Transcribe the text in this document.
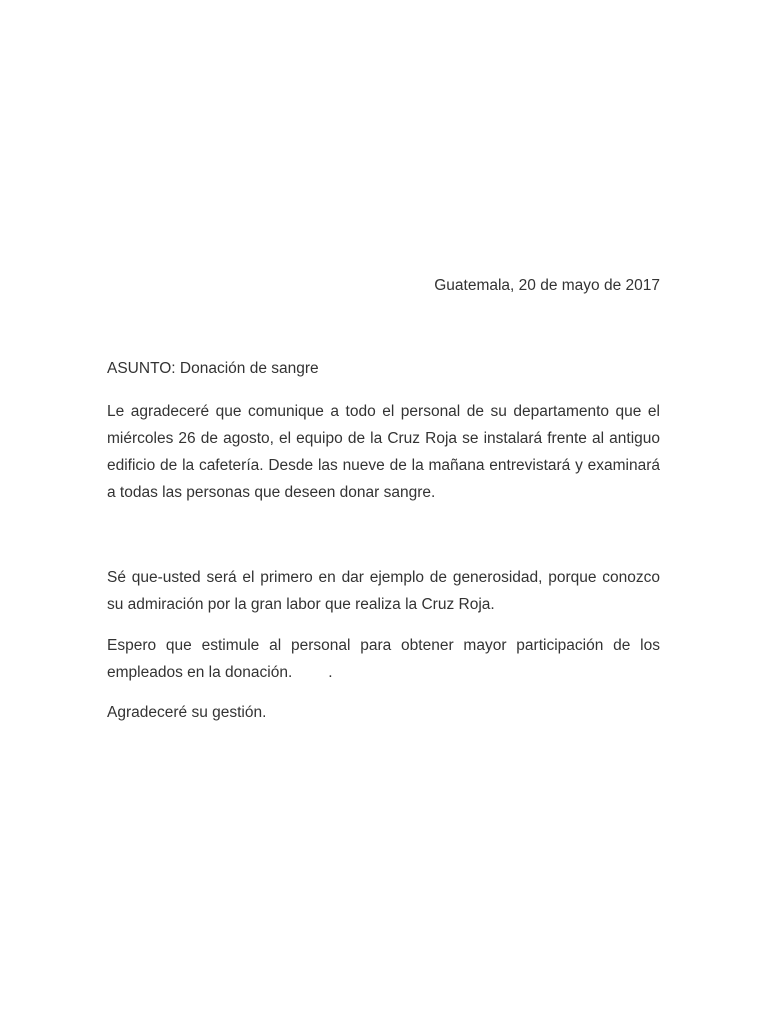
Guatemala, 20 de mayo de 2017

ASUNTO: Donación de sangre

Le agradeceré que comunique a todo el personal de su departamento que el miércoles 26 de agosto, el equipo de la Cruz Roja se instalará frente al antiguo edificio de la cafetería. Desde las nueve de la mañana entrevistará y examinará a todas las personas que deseen donar sangre.

Sé que-usted será el primero en dar ejemplo de generosidad, porque conozco su admiración por la gran labor que realiza la Cruz Roja.

Espero que estimule al personal para obtener mayor participación de los empleados en la donación. .

Agradeceré su gestión.
